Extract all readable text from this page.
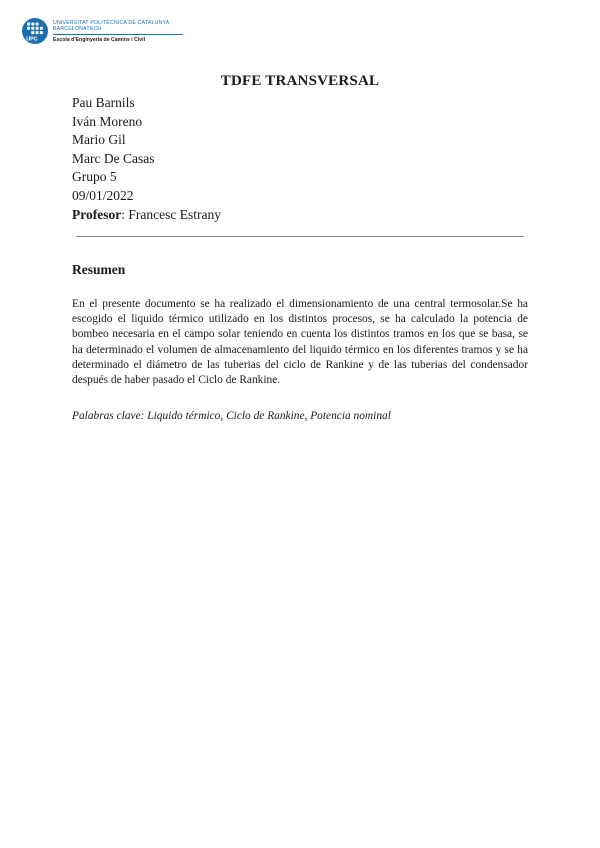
UPC
UNIVERSITAT POLITÈCNICA DE CATALUNYA
BARCELONATECH
Escola d'Enginyeria de Camins i Civil
TDFE TRANSVERSAL
Pau Barnils
Iván Moreno
Mario Gil
Marc De Casas
Grupo 5
09/01/2022
Profesor: Francesc Estrany
Resumen
En el presente documento se ha realizado el dimensionamiento de una central termosolar.Se ha escogido el liquido térmico utilizado en los distintos procesos, se ha calculado la potencia de bombeo necesaria en el campo solar teniendo en cuenta los distintos tramos en los que se basa, se ha determinado el volumen de almacenamiento del liquido térmico en los diferentes tramos y se ha determinado el diámetro de las tuberias del ciclo de Rankine y de las tuberias del condensador después de haber pasado el Ciclo de Rankine.
Palabras clave: Liquido térmico, Ciclo de Rankine, Potencia nominal
